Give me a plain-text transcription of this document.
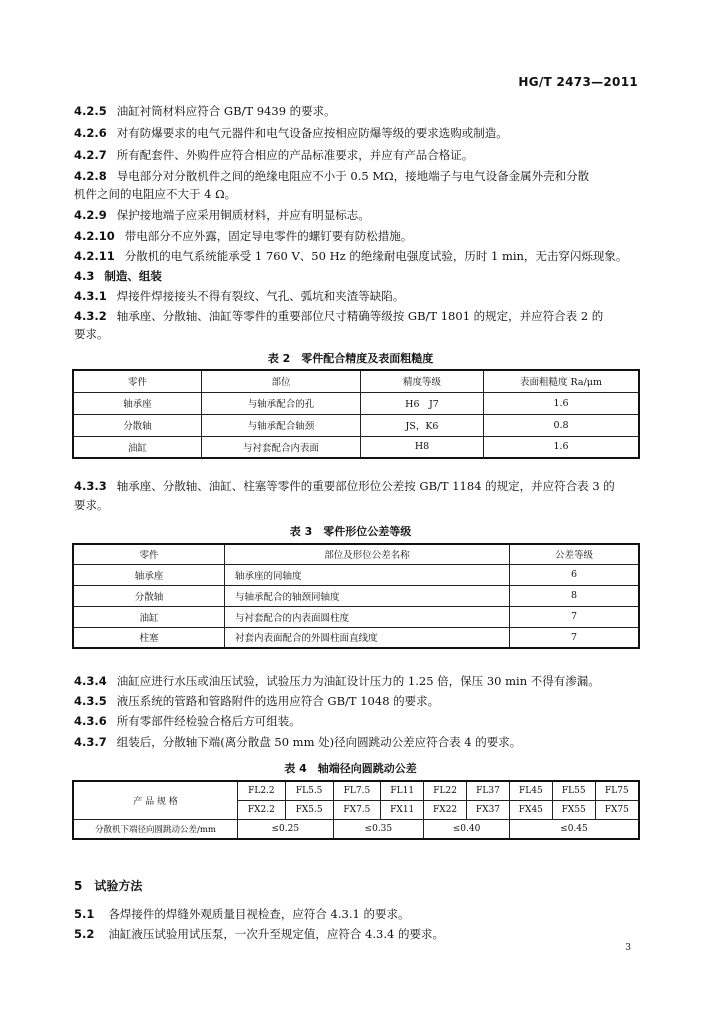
HG/T 2473—2011
4.2.5 油缸衬筒材料应符合 GB/T 9439 的要求。
4.2.6 对有防爆要求的电气元器件和电气设备应按相应防爆等级的要求选购或制造。
4.2.7 所有配套件、外购件应符合相应的产品标准要求，并应有产品合格证。
4.2.8 导电部分对分散机件之间的绝缘电阻应不小于 0.5 MΩ，接地端子与电气设备金属外壳和分散
机件之间的电阻应不大于 4 Ω。
4.2.9 保护接地端子应采用铜质材料，并应有明显标志。
4.2.10 带电部分不应外露，固定导电零件的螺钉要有防松措施。
4.2.11 分散机的电气系统能承受 1 760 V、50 Hz 的绝缘耐电强度试验，历时 1 min，无击穿闪烁现象。
4.3 制造、组装
4.3.1 焊接件焊接接头不得有裂纹、气孔、弧坑和夹渣等缺陷。
4.3.2 轴承座、分散轴、油缸等零件的重要部位尺寸精确等级按 GB/T 1801 的规定，并应符合表 2 的
要求。
表 2　零件配合精度及表面粗糙度
零件	部位	精度等级	表面粗糙度 Ra/μm
轴承座	与轴承配合的孔	H6　J7	1.6
分散轴	与轴承配合轴颈	JS，K6	0.8
油缸	与衬套配合内表面	H8	1.6
4.3.3 轴承座、分散轴、油缸、柱塞等零件的重要部位形位公差按 GB/T 1184 的规定，并应符合表 3 的
要求。
表 3　零件形位公差等级
零件	部位及形位公差名称	公差等级
轴承座	轴承座的同轴度	6
分散轴	与轴承配合的轴颈同轴度	8
油缸	与衬套配合的内表面圆柱度	7
柱塞	衬套内表面配合的外圆柱面直线度	7
4.3.4 油缸应进行水压或油压试验，试验压力为油缸设计压力的 1.25 倍，保压 30 min 不得有渗漏。
4.3.5 液压系统的管路和管路附件的选用应符合 GB/T 1048 的要求。
4.3.6 所有零部件经检验合格后方可组装。
4.3.7 组装后，分散轴下端(离分散盘 50 mm 处)径向圆跳动公差应符合表 4 的要求。
表 4　轴端径向圆跳动公差
产 品 规 格	FL2.2	FL5.5	FL7.5	FL11	FL22	FL37	FL45	FL55	FL75
	FX2.2	FX5.5	FX7.5	FX11	FX22	FX37	FX45	FX55	FX75
分散机下端径向圆跳动公差/mm	≤0.25		≤0.35		≤0.40		≤0.45		
5　试验方法
5.1 各焊接件的焊缝外观质量目视检查，应符合 4.3.1 的要求。
5.2 油缸液压试验用试压泵，一次升至规定值，应符合 4.3.4 的要求。
3
